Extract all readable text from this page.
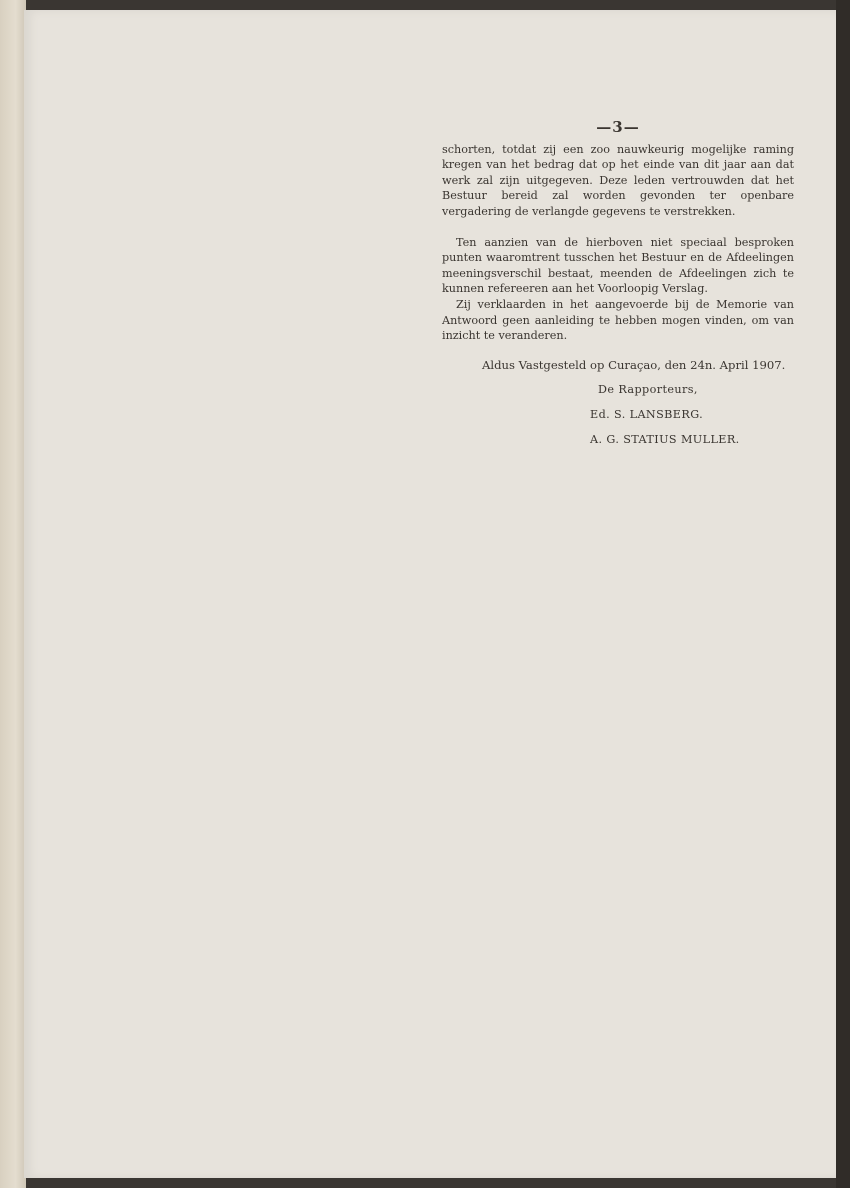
—3—

schorten, totdat zij een zoo nauwkeurig mogelijke raming kregen van het bedrag dat op het einde van dit jaar aan dat werk zal zijn uitgegeven. Deze leden vertrouwden dat het Bestuur bereid zal worden gevonden ter openbare vergadering de verlangde gegevens te verstrekken.

Ten aanzien van de hierboven niet speciaal besproken punten waaromtrent tusschen het Bestuur en de Afdeelingen meeningsverschil bestaat, meenden de Afdeelingen zich te kunnen refereeren aan het Voorloopig Verslag.

Zij verklaarden in het aangevoerde bij de Memorie van Antwoord geen aanleiding te hebben mogen vinden, om van inzicht te veranderen.

Aldus Vastgesteld op Curaçao, den 24n. April 1907.
De Rapporteurs,
Ed. S. LANSBERG.
A. G. STATIUS MULLER.
